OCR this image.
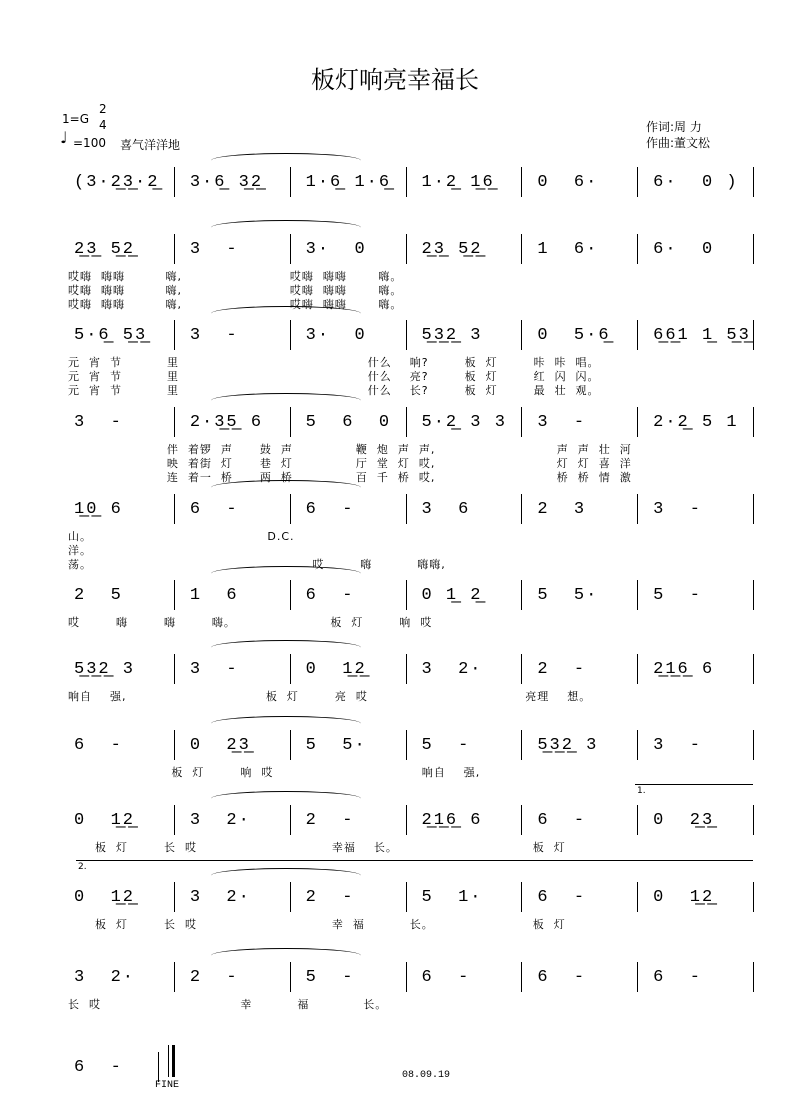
板灯响亮幸福长
1=G
2
4
♩ =100 喜气洋洋地
作词:周 力
作曲:董文松
(3·2̲3̲·2̲ 3·6̲ 3̲2̲	1·6̲ 1·6̲ 1·2̲ 1̲6̲	0  6·	6·  0 )
2̲3̲ 5̲2̲	3  -	3·  0	2̲3̲ 5̲2̲	1  6·	6·  0
哎嗨  嗨嗨         嗨,                        哎嗨  嗨嗨       嗨。
哎嗨  嗨嗨         嗨,                        哎嗨  嗨嗨       嗨。
哎嗨  嗨嗨         嗨,                        哎嗨  嗨嗨       嗨。
5·6̲ 5̲3̲	3  -	3·  0	5̲3̲2̲ 3	0  5·6̲	6̲6̲1 1̲ 5̲3̲
元  宵  节          里                                          什么    响?        板  灯        咔  咔  唱。
元  宵  节          里                                          什么    亮?        板  灯        红  闪  闪。
元  宵  节          里                                          什么    长?        板  灯        最  壮  观。
3  -	2·3̲5̲ 6	5  6  0 5·2̲ 3 3 3  -	2·2̲ 5 1
伴  着锣  声      鼓  声              鞭  炮  声  声,                           声  声  壮  河
映  着街  灯      巷  灯              厅  堂  灯  哎,                           灯  灯  喜  洋
连  着一  桥      两  桥              百  千  桥  哎,                           桥  桥  情  激
1̲0̲ 6	6  -	6  -	3  6	2  3	3  -
山。                                       D.C.
洋。
荡。                                                 哎        嗨          嗨嗨,
2  5	1  6	6  -	0 1̲ 2̲	5  5·	5  -
哎        嗨        嗨        嗨。                     板  灯        响  哎
5̲3̲2̲ 3	3  -	0  1̲2̲	3  2·	2  -	2̲1̲6̲ 6
响自    强,                               板  灯        亮  哎                                   亮理    想。
6  -	0  2̲3̲	5  5·	5  -	5̲3̲2̲ 3	3  -
板  灯        响  哎                                 响自    强,
0  1̲2̲	3  2·	2  -	2̲1̲6̲ 6	6  -	0  2̲3̲
板  灯        长  哎                              幸福    长。                              板  灯
0  1̲2̲	3  2·	2  -	5  1·	6  -	0  1̲2̲
板  灯        长  哎                              幸  福          长。                      板  灯
3  2·	2  -	5  -	6  -	6  -	6  -
长  哎                               幸          福            长。
6  -
FINE
08.09.19
1.
2.
